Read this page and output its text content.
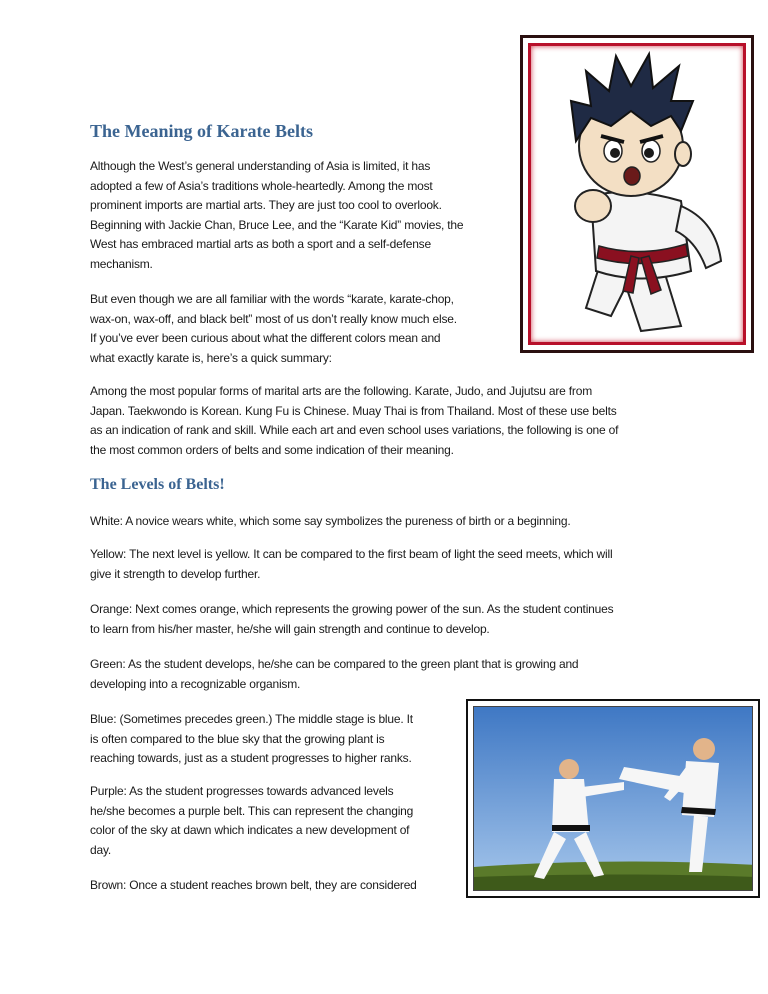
The Meaning of Karate Belts
Although the West’s general understanding of Asia is limited, it has
adopted a few of Asia’s traditions whole-heartedly. Among the most
prominent imports are martial arts. They are just too cool to overlook.
Beginning with Jackie Chan, Bruce Lee, and the “Karate Kid” movies, the
West has embraced martial arts as both a sport and a self-defense
mechanism.
But even though we are all familiar with the words “karate, karate-chop,
wax-on, wax-off, and black belt” most of us don’t really know much else.
If you’ve ever been curious about what the different colors mean and
what exactly karate is, here’s a quick summary:
Among the most popular forms of marital arts are the following. Karate, Judo, and Jujutsu are from
Japan. Taekwondo is Korean. Kung Fu is Chinese. Muay Thai is from Thailand. Most of these use belts
as an indication of rank and skill. While each art and even school uses variations, the following is one of
the most common orders of belts and some indication of their meaning.
The Levels of Belts!
White: A novice wears white, which some say symbolizes the pureness of birth or a beginning.
Yellow: The next level is yellow. It can be compared to the first beam of light the seed meets, which will
give it strength to develop further.
Orange: Next comes orange, which represents the growing power of the sun. As the student continues
to learn from his/her master, he/she will gain strength and continue to develop.
Green: As the student develops, he/she can be compared to the green plant that is growing and
developing into a recognizable organism.
Blue: (Sometimes precedes green.) The middle stage is blue. It
is often compared to the blue sky that the growing plant is
reaching towards, just as a student progresses to higher ranks.
Purple: As the student progresses towards advanced levels
he/she becomes a purple belt. This can represent the changing
color of the sky at dawn which indicates a new development of
day.
Brown: Once a student reaches brown belt, they are considered
